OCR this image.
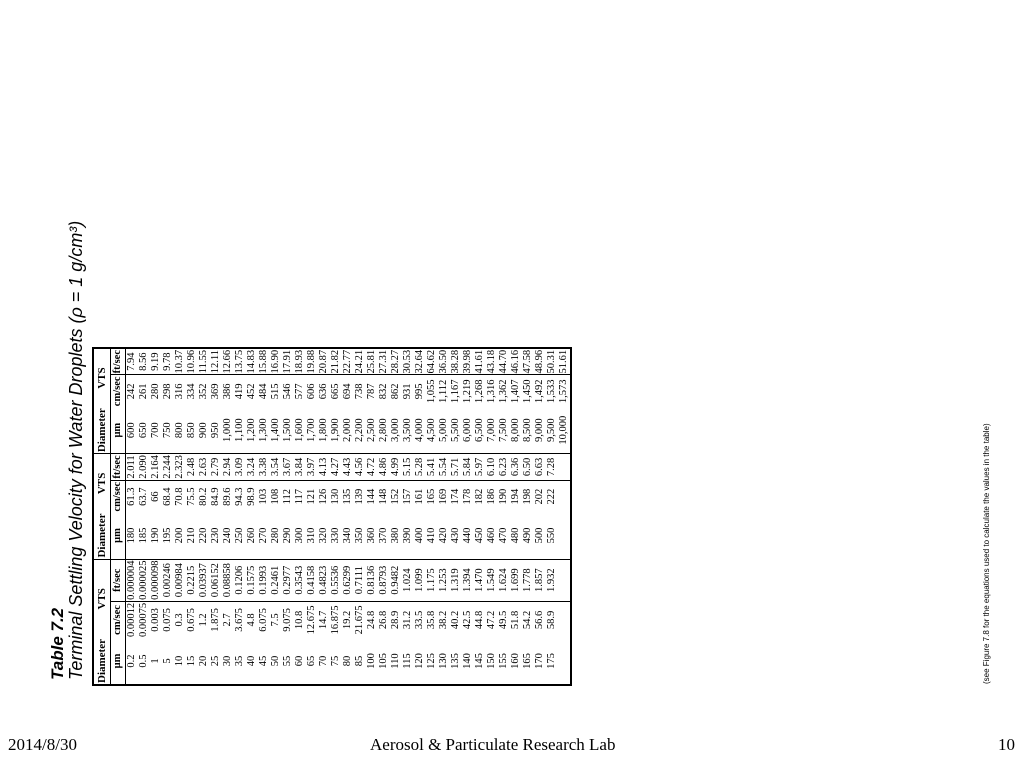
Table 7.2 Terminal Settling Velocity for Water Droplets (ρ = 1 g/cm³) Diameter	VTS		Diameter	VTS		Diameter	VTS	
μm	cm/sec	ft/sec	μm	cm/sec	ft/sec	μm	cm/sec	ft/sec
0.2	0.00012	0.000004	180	61.3	2.011	600	242	7.94
0.5	0.00075	0.000025	185	63.7	2.090	650	261	8.56
1	0.003	0.000098	190	66	2.164	700	280	9.19
5	0.075	0.00246	195	68.4	2.244	750	298	9.78
10	0.3	0.00984	200	70.8	2.323	800	316	10.37
15	0.675	0.2215	210	75.5	2.48	850	334	10.96
20	1.2	0.03937	220	80.2	2.63	900	352	11.55
25	1.875	0.06152	230	84.9	2.79	950	369	12.11
30	2.7	0.08858	240	89.6	2.94	1,000	386	12.66
35	3.675	0.1206	250	94.3	3.09	1,100	419	13.75
40	4.8	0.1575	260	98.9	3.24	1,200	452	14.83
45	6.075	0.1993	270	103	3.38	1,300	484	15.88
50	7.5	0.2461	280	108	3.54	1,400	515	16.90
55	9.075	0.2977	290	112	3.67	1,500	546	17.91
60	10.8	0.3543	300	117	3.84	1,600	577	18.93
65	12.675	0.4158	310	121	3.97	1,700	606	19.88
70	14.7	0.4823	320	126	4.13	1,800	636	20.87
75	16.875	0.5536	330	130	4.27	1,900	665	21.82
80	19.2	0.6299	340	135	4.43	2,000	694	22.77
85	21.675	0.7111	350	139	4.56	2,200	738	24.21
100	24.8	0.8136	360	144	4.72	2,500	787	25.81
105	26.8	0.8793	370	148	4.86	2,800	832	27.31
110	28.9	0.9482	380	152	4.99	3,000	862	28.27
115	31.2	1.024	390	157	5.15	3,500	931	30.53
120	33.5	1.099	400	161	5.28	4,000	995	32.64
125	35.8	1.175	410	165	5.41	4,500	1,055	64.62
130	38.2	1.253	420	169	5.54	5,000	1,112	36.50
135	40.2	1.319	430	174	5.71	5,500	1,167	38.28
140	42.5	1.394	440	178	5.84	6,000	1,219	39.98
145	44.8	1.470	450	182	5.97	6,500	1,268	41.61
150	47.2	1.549	460	186	6.10	7,000	1,316	43.18
155	49.5	1.624	470	190	6.23	7,500	1,362	44.70
160	51.8	1.699	480	194	6.36	8,000	1,407	46.16
165	54.2	1.778	490	198	6.50	8,500	1,450	47.58
170	56.6	1.857	500	202	6.63	9,000	1,492	48.96
175	58.9	1.932	550	222	7.28	9,500	1,533	50.31
						10,000	1,573	51.61
(see Figure 7.8 for the equations used to calculate the values in the table)
2014/8/30	Aerosol & Particulate Research Lab	10
